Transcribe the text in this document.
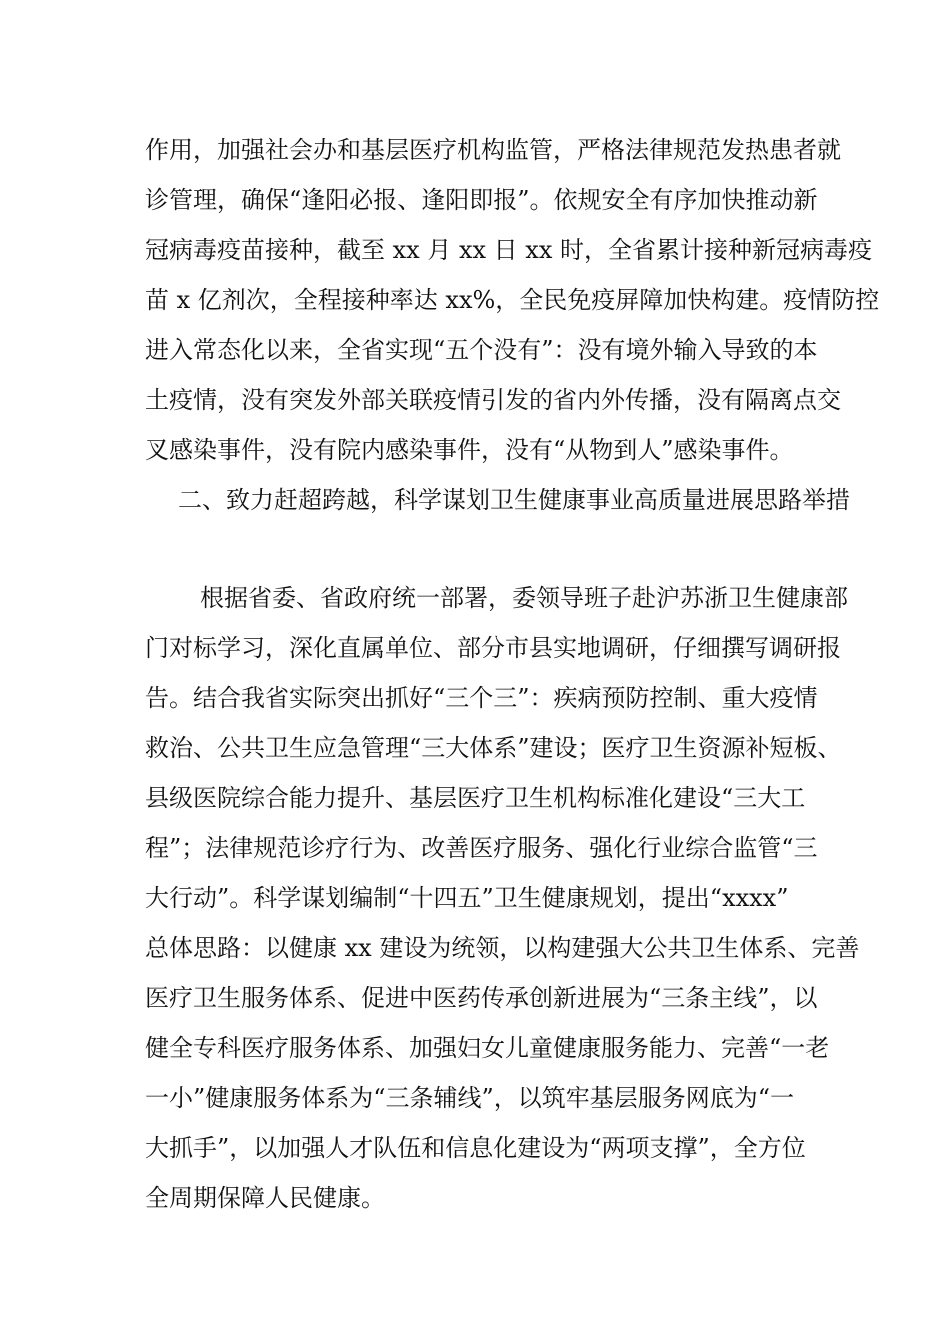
作用，加强社会办和基层医疗机构监管，严格法律规范发热患者就
诊管理，确保“逢阳必报、逢阳即报”。依规安全有序加快推动新
冠病毒疫苗接种，截至 xx 月 xx 日 xx 时，全省累计接种新冠病毒疫
苗 x 亿剂次，全程接种率达 xx%，全民免疫屏障加快构建。疫情防控
进入常态化以来，全省实现“五个没有”：没有境外输入导致的本
土疫情，没有突发外部关联疫情引发的省内外传播，没有隔离点交
叉感染事件，没有院内感染事件，没有“从物到人”感染事件。
二、致力赶超跨越，科学谋划卫生健康事业高质量进展思路举措
根据省委、省政府统一部署，委领导班子赴沪苏浙卫生健康部
门对标学习，深化直属单位、部分市县实地调研，仔细撰写调研报
告。结合我省实际突出抓好“三个三”：疾病预防控制、重大疫情
救治、公共卫生应急管理“三大体系”建设；医疗卫生资源补短板、
县级医院综合能力提升、基层医疗卫生机构标准化建设“三大工
程”；法律规范诊疗行为、改善医疗服务、强化行业综合监管“三
大行动”。科学谋划编制“十四五”卫生健康规划，提出“xxxx”
总体思路：以健康 xx 建设为统领，以构建强大公共卫生体系、完善
医疗卫生服务体系、促进中医药传承创新进展为“三条主线”，以
健全专科医疗服务体系、加强妇女儿童健康服务能力、完善“一老
一小”健康服务体系为“三条辅线”，以筑牢基层服务网底为“一
大抓手”，以加强人才队伍和信息化建设为“两项支撑”，全方位
全周期保障人民健康。
